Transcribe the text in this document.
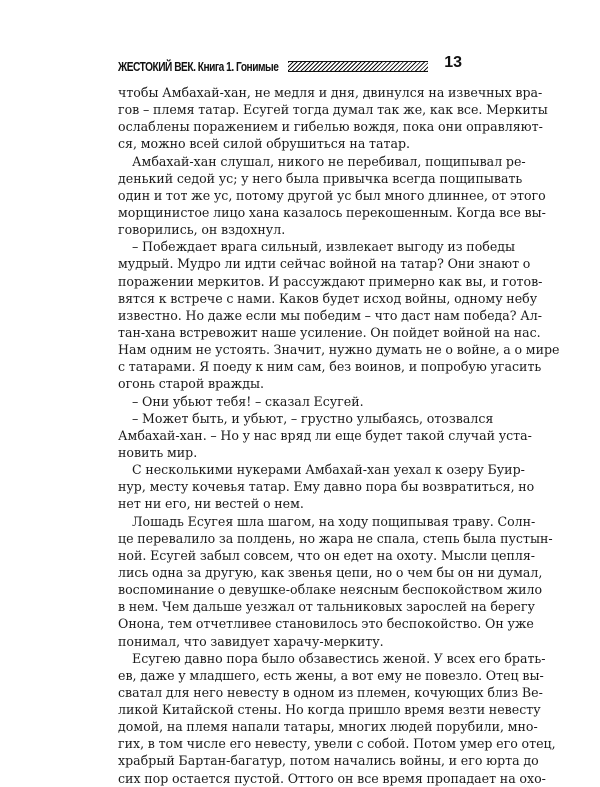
ЖЕСТОКИЙ ВЕК. Книга 1. Гонимые	13
чтобы Амбахай-хан, не медля и дня, двинулся на извечных вра-
гов – племя татар. Есугей тогда думал так же, как все. Меркиты
ослаблены поражением и гибелью вождя, пока они оправляют-
ся, можно всей силой обрушиться на татар.
Амбахай-хан слушал, никого не перебивал, пощипывал ре-
денький седой ус; у него была привычка всегда пощипывать
один и тот же ус, потому другой ус был много длиннее, от этого
морщинистое лицо хана казалось перекошенным. Когда все вы-
говорились, он вздохнул.
– Побеждает врага сильный, извлекает выгоду из победы
мудрый. Мудро ли идти сейчас войной на татар? Они знают о
поражении меркитов. И рассуждают примерно как вы, и готов-
вятся к встрече с нами. Каков будет исход войны, одному небу
известно. Но даже если мы победим – что даст нам победа? Ал-
тан-хана встревожит наше усиление. Он пойдет войной на нас.
Нам одним не устоять. Значит, нужно думать не о войне, а о мире
с татарами. Я поеду к ним сам, без воинов, и попробую угасить
огонь старой вражды.
– Они убьют тебя! – сказал Есугей.
– Может быть, и убьют, – грустно улыбаясь, отозвался
Амбахай-хан. – Но у нас вряд ли еще будет такой случай уста-
новить мир.
С несколькими нукерами Амбахай-хан уехал к озеру Буир-
нур, месту кочевья татар. Ему давно пора бы возвратиться, но
нет ни его, ни вестей о нем.
Лошадь Есугея шла шагом, на ходу пощипывая траву. Солн-
це перевалило за полдень, но жара не спала, степь была пустын-
ной. Есугей забыл совсем, что он едет на охоту. Мысли цепля-
лись одна за другую, как звенья цепи, но о чем бы он ни думал,
воспоминание о девушке-облаке неясным беспокойством жило
в нем. Чем дальше уезжал от тальниковых зарослей на берегу
Онона, тем отчетливее становилось это беспокойство. Он уже
понимал, что завидует харачу-меркиту.
Есугею давно пора было обзавестись женой. У всех его брать-
ев, даже у младшего, есть жены, а вот ему не повезло. Отец вы-
сватал для него невесту в одном из племен, кочующих близ Ве-
ликой Китайской стены. Но когда пришло время везти невесту
домой, на племя напали татары, многих людей порубили, мно-
гих, в том числе его невесту, увели с собой. Потом умер его отец,
храбрый Бартан-багатур, потом начались войны, и его юрта до
сих пор остается пустой. Оттого он все время пропадает на охо-
